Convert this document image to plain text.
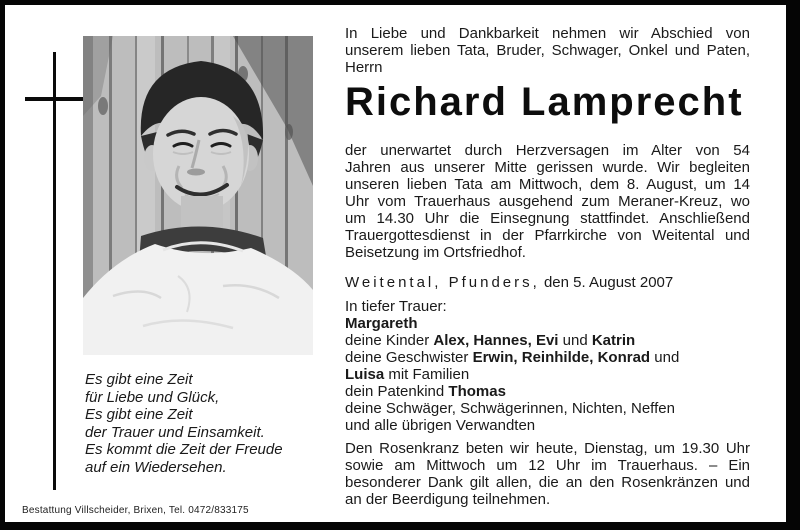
Es gibt eine Zeit
für Liebe und Glück,
Es gibt eine Zeit
der Trauer und Einsamkeit.
Es kommt die Zeit der Freude
auf ein Wiedersehen.
In Liebe und Dankbarkeit nehmen wir Abschied von
unserem lieben Tata, Bruder, Schwager, Onkel und Paten,
Herrn
Richard Lamprecht
der unerwartet durch Herzversagen im Alter von 54
Jahren aus unserer Mitte gerissen wurde. Wir begleiten
unseren lieben Tata am Mittwoch, dem 8. August, um 14
Uhr vom Trauerhaus ausgehend zum Meraner-Kreuz, wo
um 14.30 Uhr die Einsegnung stattfindet. Anschließend
Trauergottesdienst in der Pfarrkirche von Weitental und
Beisetzung im Ortsfriedhof.
Weitental, Pfunders, den 5. August 2007
In tiefer Trauer:
Margareth
deine Kinder Alex, Hannes, Evi und Katrin
deine Geschwister Erwin, Reinhilde, Konrad und
Luisa mit Familien
dein Patenkind Thomas
deine Schwäger, Schwägerinnen, Nichten, Neffen
und alle übrigen Verwandten
Den Rosenkranz beten wir heute, Dienstag, um 19.30 Uhr
sowie am Mittwoch um 12 Uhr im Trauerhaus. – Ein
besonderer Dank gilt allen, die an den Rosenkränzen und
an der Beerdigung teilnehmen.
Bestattung Villscheider, Brixen, Tel. 0472/833175
